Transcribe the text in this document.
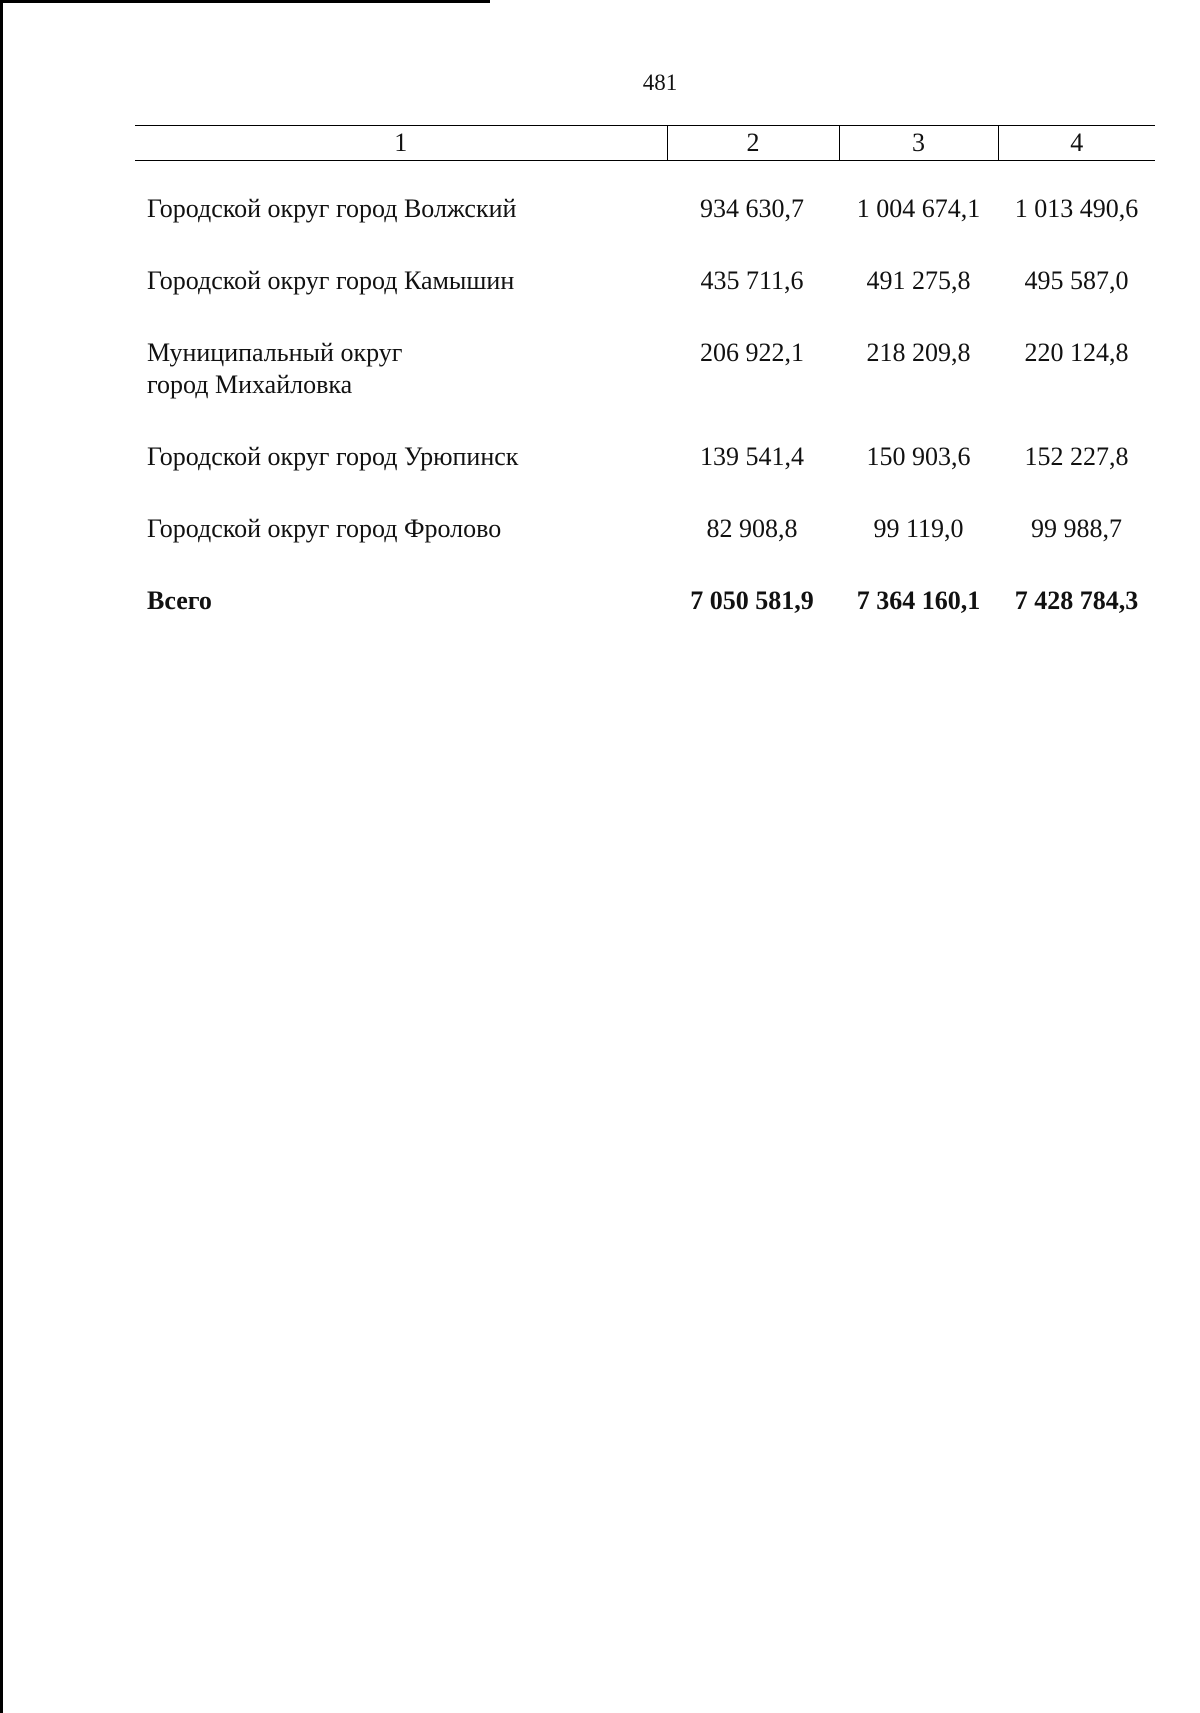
481
1	2	3	4

Городской округ город Волжский	934 630,7	1 004 674,1	1 013 490,6

Городской округ город Камышин	435 711,6	491 275,8	495 587,0

Муниципальный округ
город Михайловка	206 922,1	218 209,8	220 124,8

Городской округ город Урюпинск	139 541,4	150 903,6	152 227,8

Городской округ город Фролово	82 908,8	99 119,0	99 988,7

Всего	7 050 581,9	7 364 160,1	7 428 784,3
